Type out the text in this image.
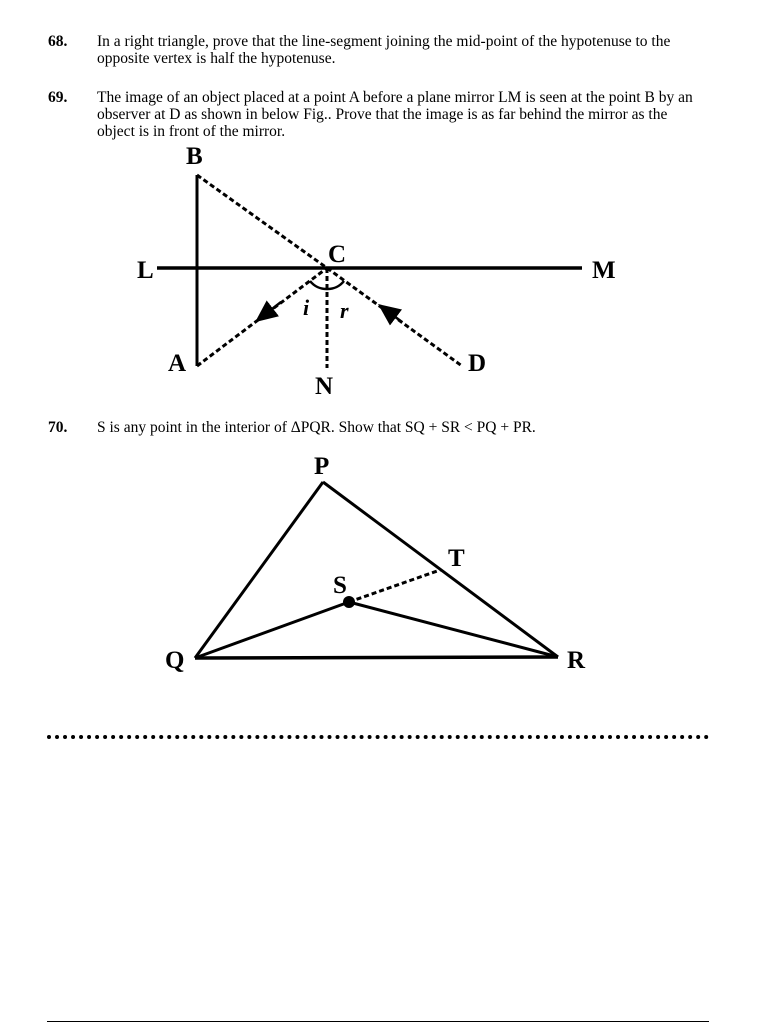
68. In a right triangle, prove that the line-segment joining the mid-point of the hypotenuse to the opposite vertex is half the hypotenuse.
69. The image of an object placed at a point A before a plane mirror LM is seen at the point B by an observer at D as shown in below Fig.. Prove that the image is as far behind the mirror as the object is in front of the mirror.
B
C
L	M
A	D
N
i r
70. S is any point in the interior of ΔPQR. Show that SQ + SR < PQ + PR.
P
Q	R
S
T
